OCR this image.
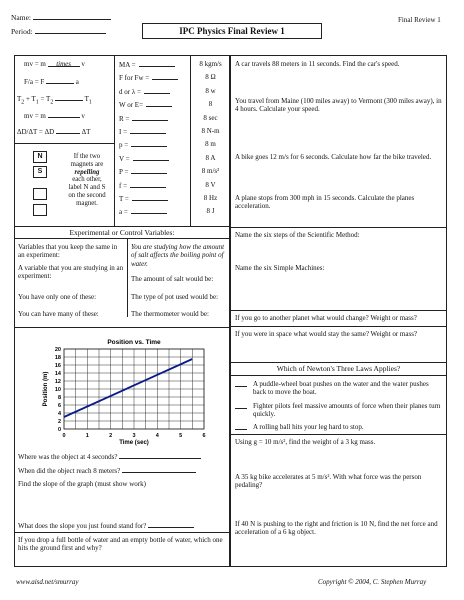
Name:
Period:	IPC Physics Final Review 1
Final Review 1
mv = m times v
F/a = F	a
$T_2 + T_1 = T_2$	$T_1$
mv = m	v
ΔD/ΔT = ΔD	ΔT
N
S
If the two
magnets are
repelling
each other,
label N and S
on the second
magnet.
MA =	8 kgm/s
F for Fw =	8 Ω
d or λ =	8 w
W or E=	8
R =	8 sec
I =	8 N-m
p =	8 m
V =	8 A
P =	8 m/s²
f =	8 V
T =	8 Hz
a =	8 J
Experimental or Control Variables:
Variables that you keep the same in an experiment:
You are studying how the amount of salt affects the boiling point of water.
A variable that you are studying in an experiment:	The amount of salt would be:
You have only one of these:	The type of pot used would be:
You can have many of these:	The thermometer would be:
Position vs. Time
0
2
4
6
8
10
12
14
16
18
20
0	1	2	3	4	5	6
Time (sec)
Position (m)
Where was the object at 4 seconds?
When did the object reach 8 meters?
Find the slope of the graph (must show work)
What does the slope you just found stand for?
If you drop a full bottle of water and an empty bottle of water, which one hits the ground first and why?
A car travels 88 meters in 11 seconds. Find the car's speed.
You travel from Maine (100 miles away) to Vermont (300 miles away), in 4 hours. Calculate your speed.
A bike goes 12 m/s for 6 seconds. Calculate how far the bike traveled.
A plane stops from 300 mph in 15 seconds. Calculate the planes acceleration.
Name the six steps of the Scientific Method:
Name the six Simple Machines:
If you go to another planet what would change? Weight or mass?
If you were in space what would stay the same? Weight or mass?
Which of Newton's Three Laws Applies?
A puddle-wheel boat pushes on the water and the water pushes back to move the boat.
Fighter pilots feel massive amounts of force when their planes turn quickly.
A rolling ball hits your leg hard to stop.
Using g = 10 m/s², find the weight of a 3 kg mass.
A 35 kg bike accelerates at 5 m/s². With what force was the person pedaling?
If 40 N is pushing to the right and friction is 10 N, find the net force and acceleration of a 6 kg object.
www.aisd.net/smurray	Copyright © 2004, C. Stephen Murray
